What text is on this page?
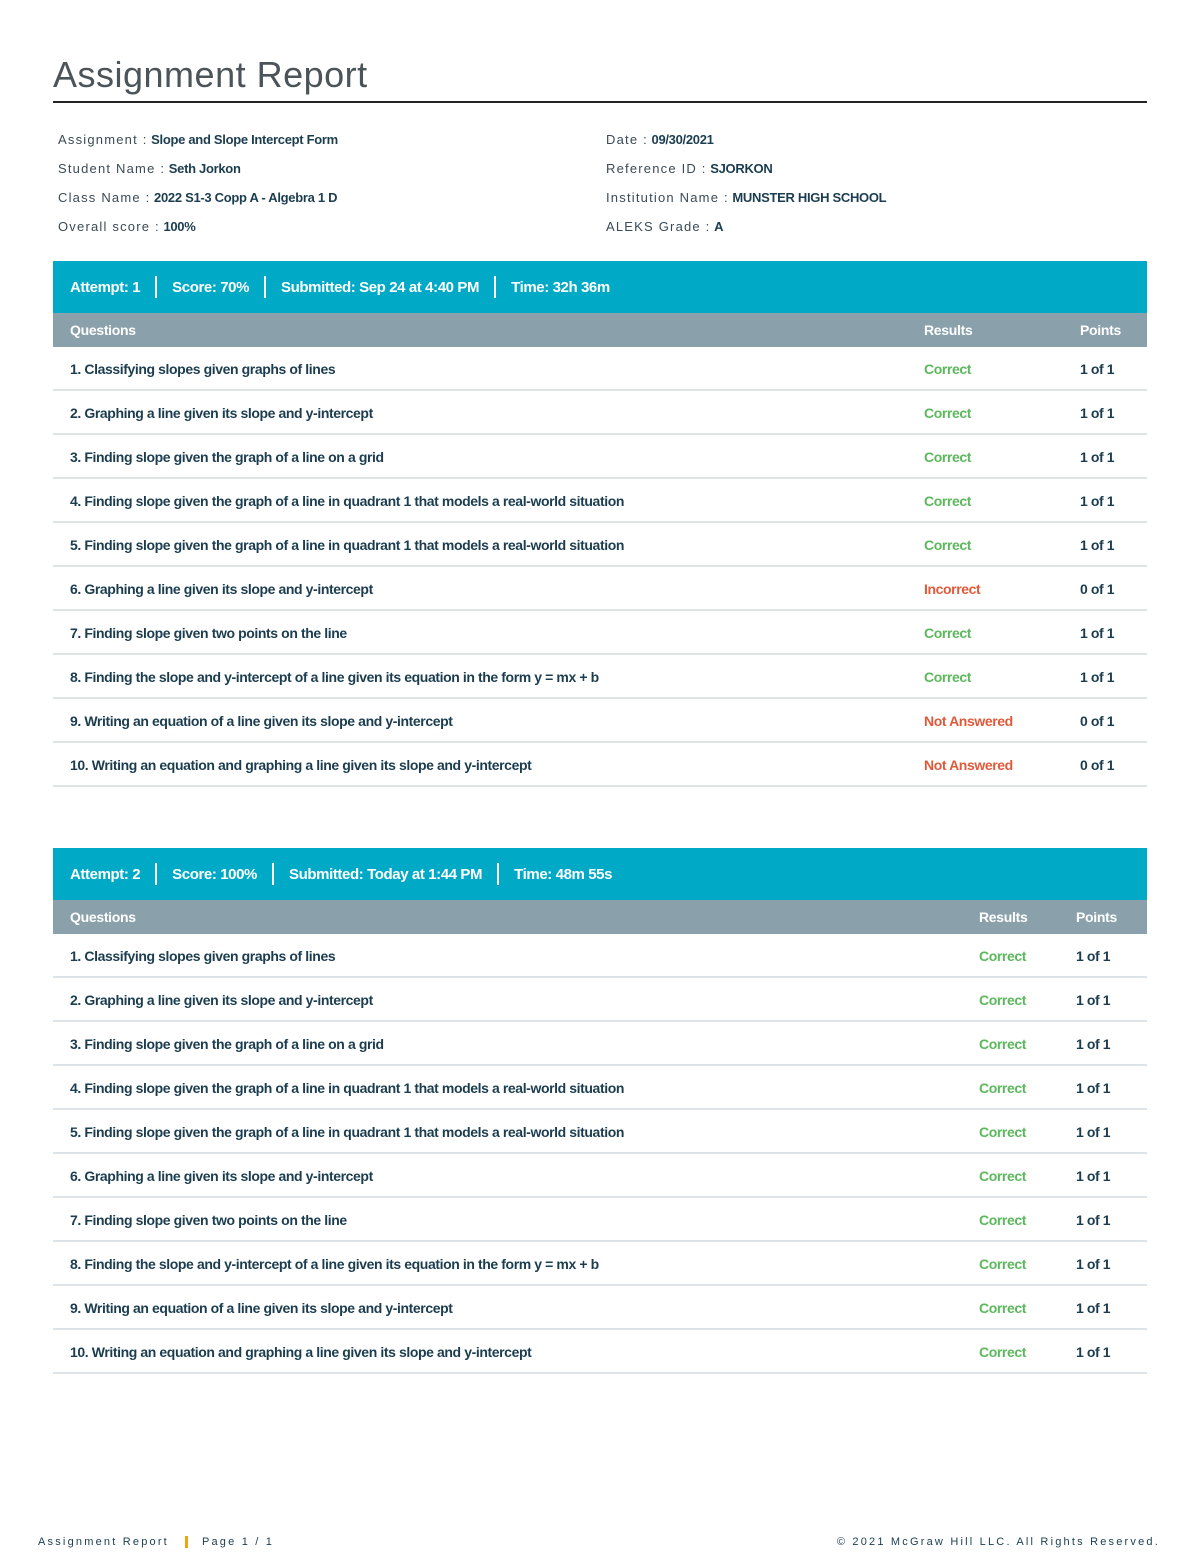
Assignment Report
Assignment : Slope and Slope Intercept Form
Student Name : Seth Jorkon
Class Name : 2022 S1-3 Copp A - Algebra 1 D
Overall score : 100%
Date : 09/30/2021
Reference ID : SJORKON
Institution Name : MUNSTER HIGH SCHOOL
ALEKS Grade : A
Attempt: 1 Score: 70% Submitted: Sep 24 at 4:40 PM Time: 32h 36m
Questions	Results	Points
1. Classifying slopes given graphs of lines	Correct	1 of 1
2. Graphing a line given its slope and y-intercept	Correct	1 of 1
3. Finding slope given the graph of a line on a grid	Correct	1 of 1
4. Finding slope given the graph of a line in quadrant 1 that models a real-world situation	Correct	1 of 1
5. Finding slope given the graph of a line in quadrant 1 that models a real-world situation	Correct	1 of 1
6. Graphing a line given its slope and y-intercept	Incorrect	0 of 1
7. Finding slope given two points on the line	Correct	1 of 1
8. Finding the slope and y-intercept of a line given its equation in the form y = mx + b	Correct	1 of 1
9. Writing an equation of a line given its slope and y-intercept	Not Answered	0 of 1
10. Writing an equation and graphing a line given its slope and y-intercept	Not Answered	0 of 1
Attempt: 2 Score: 100% Submitted: Today at 1:44 PM Time: 48m 55s
Questions	Results	Points
1. Classifying slopes given graphs of lines	Correct	1 of 1
2. Graphing a line given its slope and y-intercept	Correct	1 of 1
3. Finding slope given the graph of a line on a grid	Correct	1 of 1
4. Finding slope given the graph of a line in quadrant 1 that models a real-world situation	Correct	1 of 1
5. Finding slope given the graph of a line in quadrant 1 that models a real-world situation	Correct	1 of 1
6. Graphing a line given its slope and y-intercept	Correct	1 of 1
7. Finding slope given two points on the line	Correct	1 of 1
8. Finding the slope and y-intercept of a line given its equation in the form y = mx + b	Correct	1 of 1
9. Writing an equation of a line given its slope and y-intercept	Correct	1 of 1
10. Writing an equation and graphing a line given its slope and y-intercept	Correct	1 of 1
Assignment Report	Page 1 / 1	© 2021 McGraw Hill LLC. All Rights Reserved.
